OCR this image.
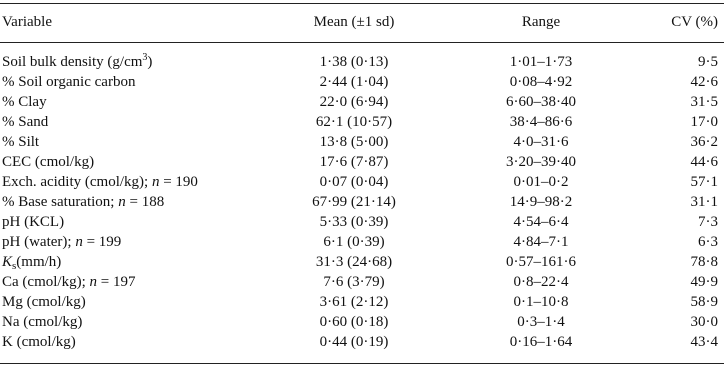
Variable	Mean (±1 sd)	Range	CV (%)
Soil bulk density $(g/cm^3)$	1·38 (0·13)	1·01–1·73	9·5
% Soil organic carbon	2·44 (1·04)	0·08–4·92	42·6
% Clay	22·0 (6·94)	6·60–38·40	31·5
% Sand	62·1 (10·57)	38·4–86·6	17·0
% Silt	13·8 (5·00)	4·0–31·6	36·2
CEC (cmol/kg)	17·6 (7·87)	3·20–39·40	44·6
Exch. acidity (cmol/kg); n = 190	0·07 (0·04)	0·01–0·2	57·1
% Base saturation; n = 188	67·99 (21·14)	14·9–98·2	31·1
pH (KCL)	5·33 (0·39)	4·54–6·4	7·3
pH (water); n = 199	6·1 (0·39)	4·84–7·1	6·3
$K_s(mm/h)$	31·3 (24·68)	0·57–161·6	78·8
Ca (cmol/kg); n = 197	7·6 (3·79)	0·8–22·4	49·9
Mg (cmol/kg)	3·61 (2·12)	0·1–10·8	58·9
Na (cmol/kg)	0·60 (0·18)	0·3–1·4	30·0
K (cmol/kg)	0·44 (0·19)	0·16–1·64	43·4
